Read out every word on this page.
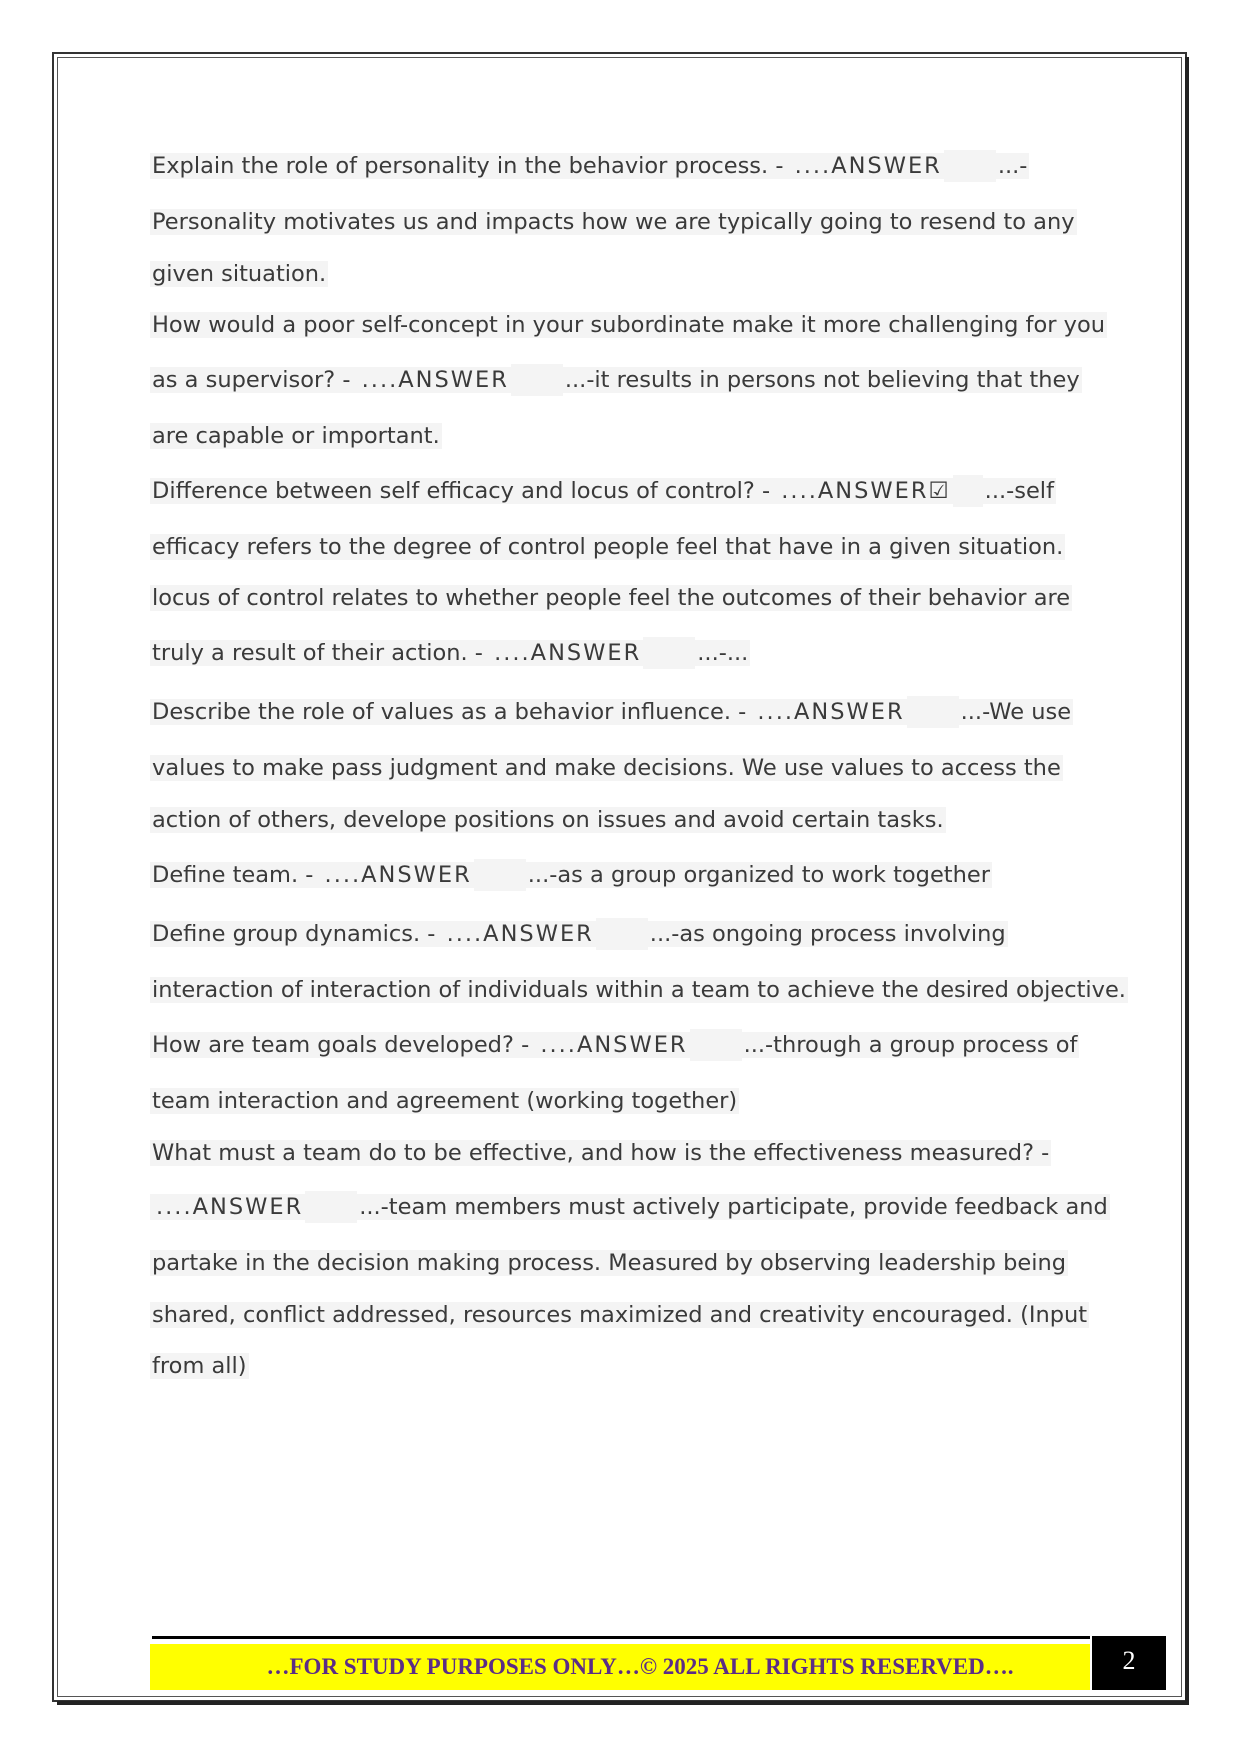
Explain the role of personality in the behavior process. - ....ANSWER ...-
Personality motivates us and impacts how we are typically going to resend to any
given situation.
How would a poor self-concept in your subordinate make it more challenging for you
as a supervisor? - ....ANSWER ...-it results in persons not believing that they
are capable or important.
Difference between self efficacy and locus of control? - ....ANSWER☑ ...-self
efficacy refers to the degree of control people feel that have in a given situation.
locus of control relates to whether people feel the outcomes of their behavior are
truly a result of their action. - ....ANSWER ...-...
Describe the role of values as a behavior influence. - ....ANSWER ...-We use
values to make pass judgment and make decisions. We use values to access the
action of others, develope positions on issues and avoid certain tasks.
Define team. - ....ANSWER ...-as a group organized to work together
Define group dynamics. - ....ANSWER ...-as ongoing process involving
interaction of interaction of individuals within a team to achieve the desired objective.
How are team goals developed? - ....ANSWER ...-through a group process of
team interaction and agreement (working together)
What must a team do to be effective, and how is the effectiveness measured? -
....ANSWER ...-team members must actively participate, provide feedback and
partake in the decision making process. Measured by observing leadership being
shared, conflict addressed, resources maximized and creativity encouraged. (Input
from all)
…FOR STUDY PURPOSES ONLY…© 2025 ALL RIGHTS RESERVED….	2
